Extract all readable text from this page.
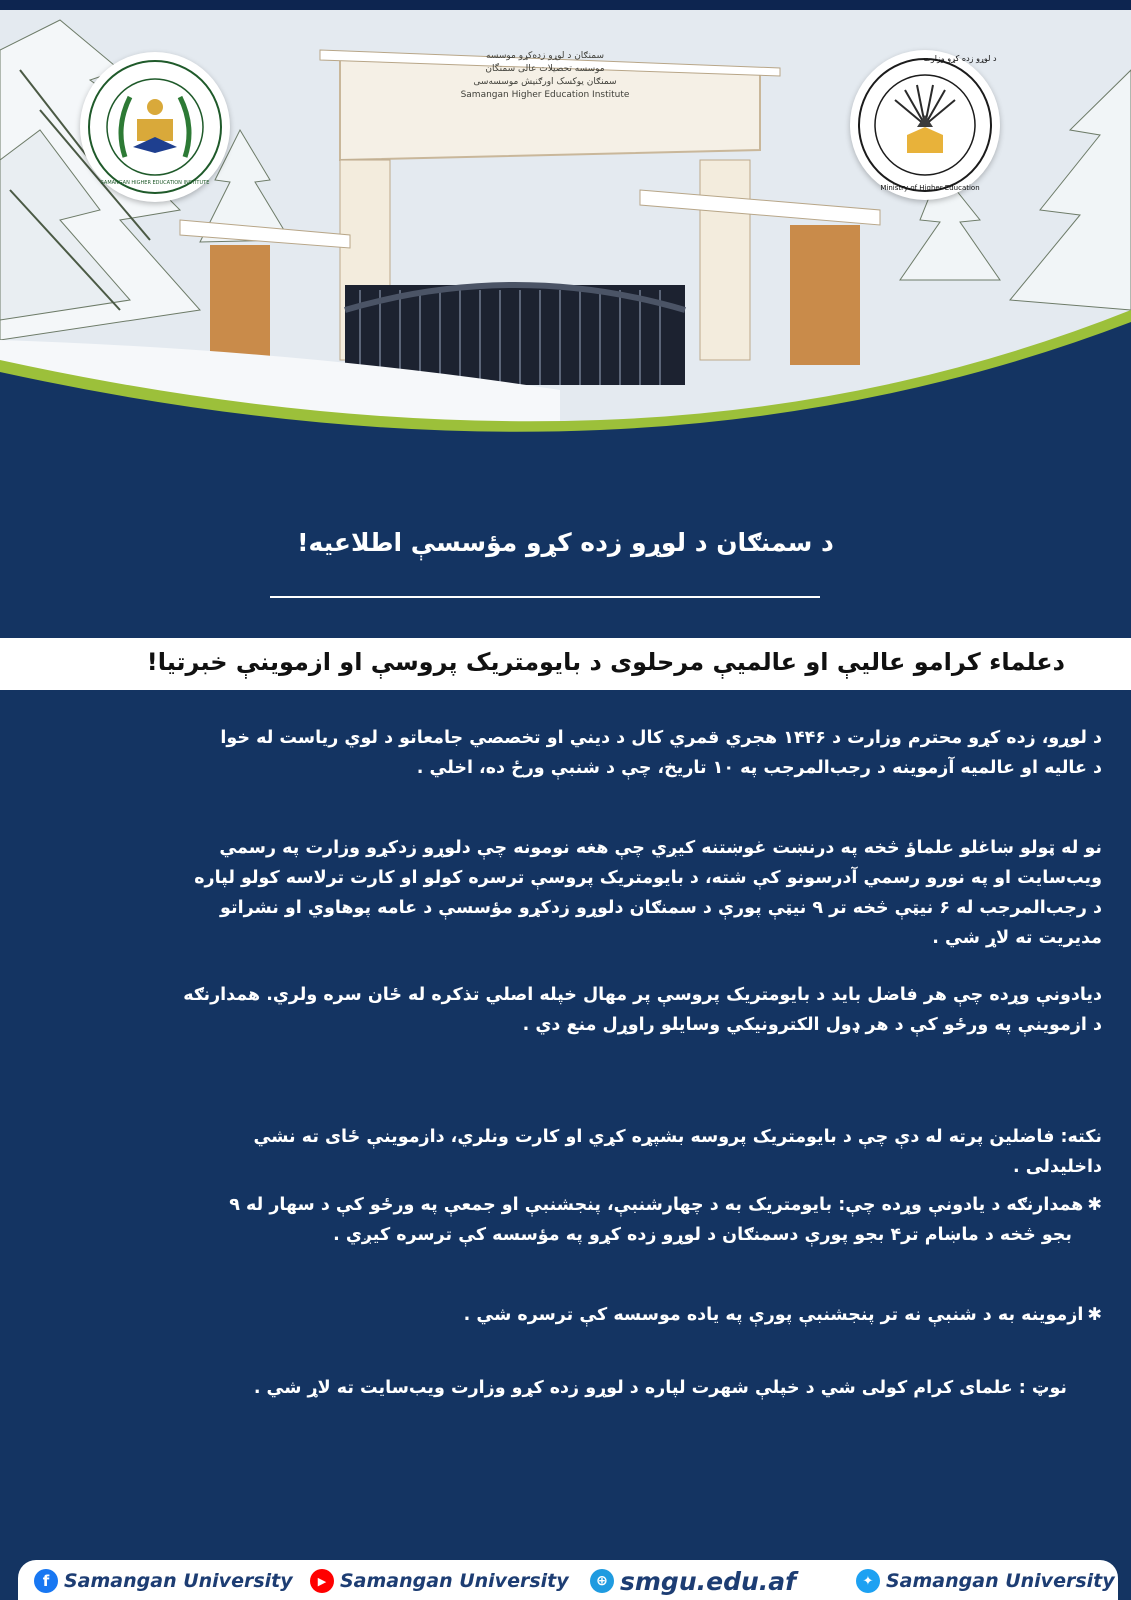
سمنګان د لوړو زده‌کړو موسسه
موسسه تحصیلات عالی سمنگان
سمنګان یوکسک اورګنیش موسسه‌سی
Samangan Higher Education Institute
SAMANGAN HIGHER EDUCATION INSTITUTE
Ministry of Higher Education
د لوړو زده کړو وزارت
د سمنګان د لوړو زده کړو مؤسسې اطلاعیه!
دعلماء کرامو عالیې او عالمیې مرحلوی د بایومتریک پروسې او ازموینې خبرتیا!
د لوړو، زده کړو محترم وزارت د ۱۴۴۶ هجري قمري کال د دیني او تخصصي جامعاتو د لوي ریاست له خوا
د عالیه او عالمیه آزموینه د رجب‌المرجب په ۱۰ تاریخ، چې د شنبې ورځ ده، اخلي .
نو له ټولو ښاغلو علماؤ څخه په درنښت غوښتنه کیږي چې هغه نومونه چې دلوړو زدکړو وزارت په رسمي
ویب‌سایت او په نورو رسمي آدرسونو کې شته، د بایومتریک پروسې ترسره کولو او کارت ترلاسه کولو لپاره
د رجب‌المرجب له ۶ نیټې څخه تر ۹ نیټې پورې د سمنګان دلوړو زدکړو مؤسسې د عامه پوهاوي او نشراتو
مدیریت ته لاړ شي .
دیادونې وړده چې هر فاضل باید د بایومتریک پروسې پر مهال خپله اصلي تذکره له ځان سره ولري. همدارنګه
د ازموینې په ورځو کې د هر ډول الکترونیکي وسایلو راوړل منع دي .
نکته: فاضلین پرته له دې چې د بایومتریک پروسه بشپړه کړي او کارت ونلري، دازموینې ځای ته نشي
داخلیدلی .
✱همدارنګه د یادونې وړده چې: بایومتریک به د چهارشنبې، پنجشنبې او جمعې په ورځو کې د سهار له ۹
بجو څخه د ماښام تر۴ بجو پورې دسمنګان د لوړو زده کړو په مؤسسه کې ترسره کیږي .
✱ازموینه به د شنبې نه تر پنجشنبې پورې په یاده موسسه کې ترسره شي .
نوټ : علمای کرام کولی شي د خپلې شهرت لپاره د لوړو زده کړو وزارت ویب‌سایت ته لاړ شي .
f Samangan University	▶ Samangan University	⊕ smgu.edu.af	✦ Samangan University
